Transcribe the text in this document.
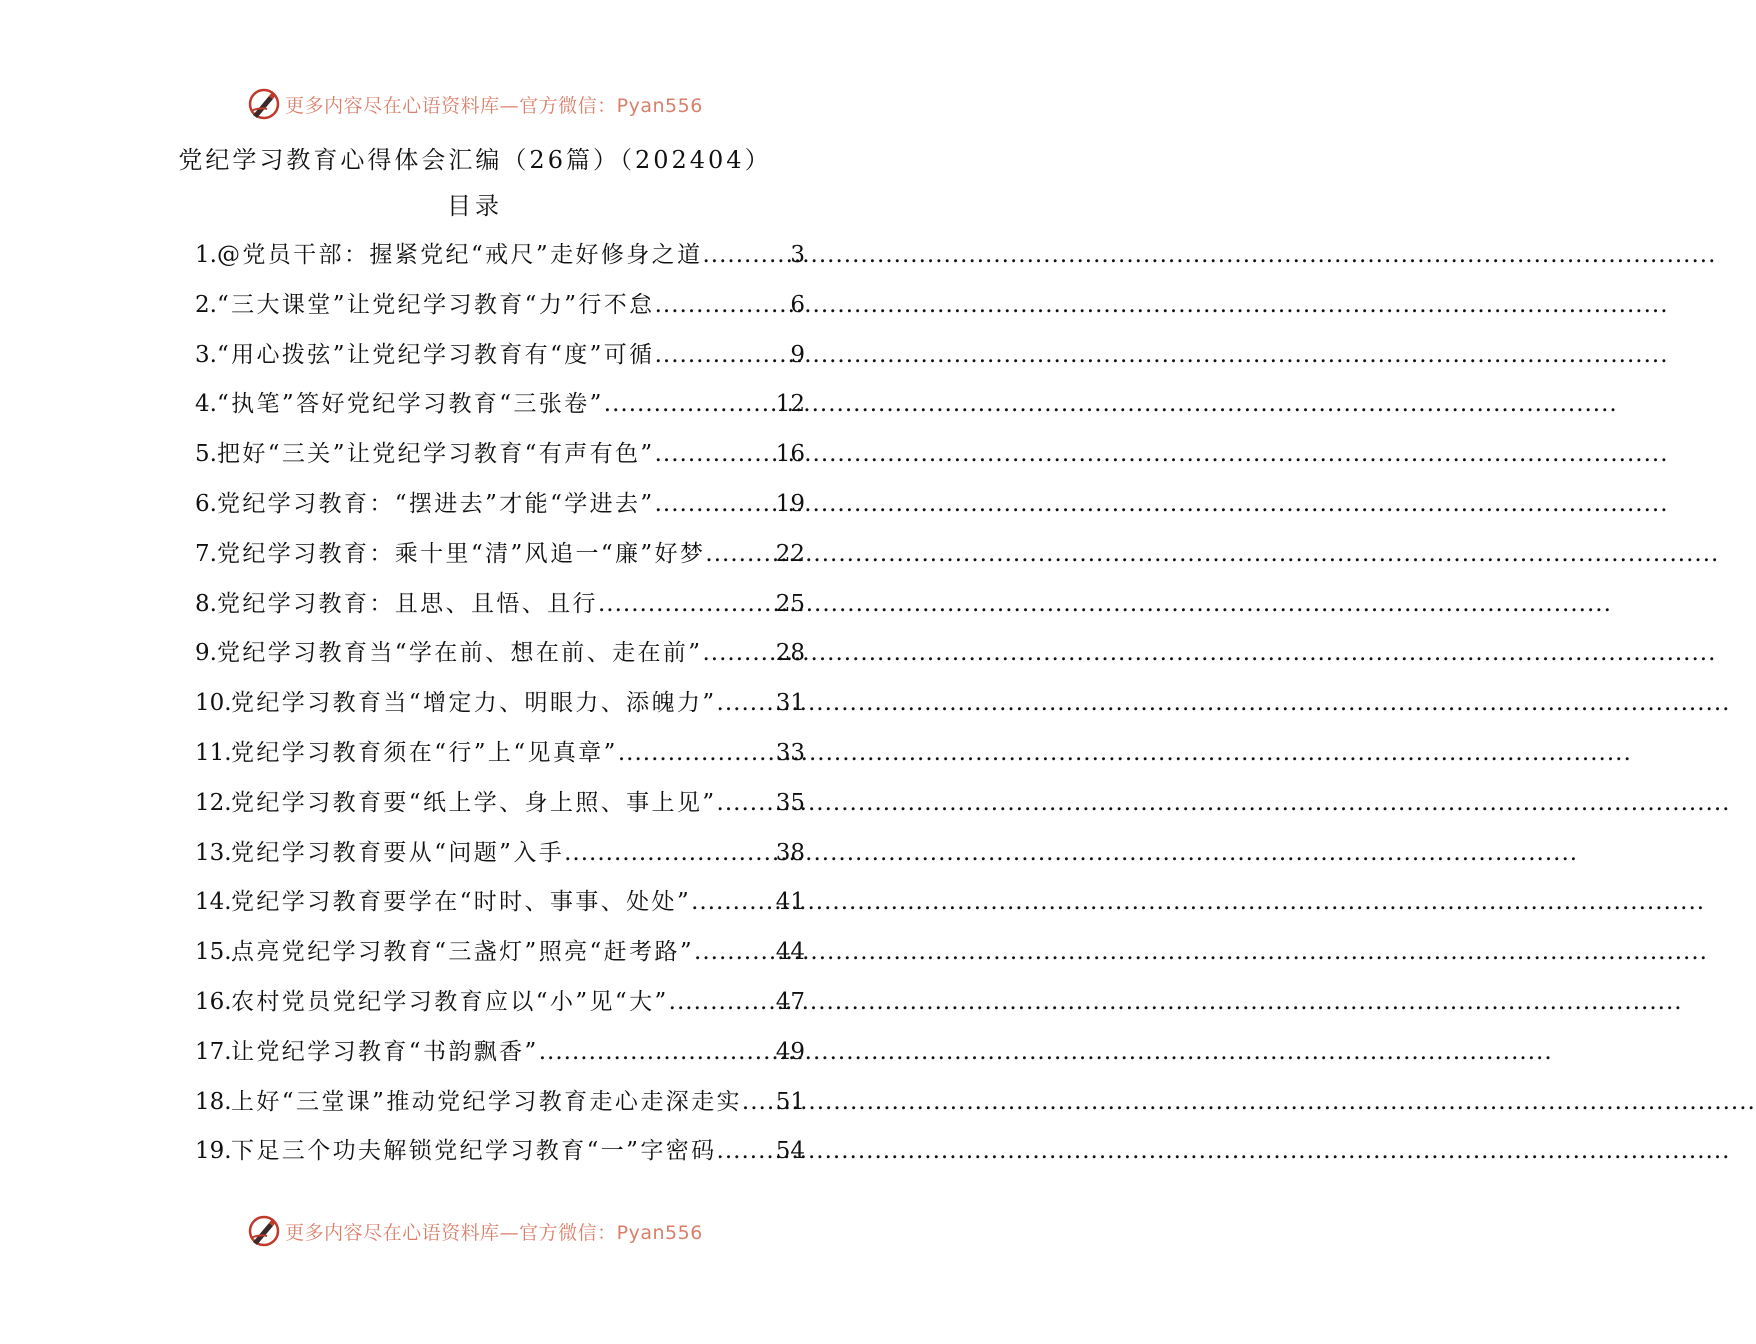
更多内容尽在心语资料库—官方微信：Pyan556
党纪学习教育心得体会汇编（26篇）（202404）
目录
1. @党员干部：握紧党纪“戒尺”走好修身之道 .....	3
2. “三大课堂”让党纪学习教育“力”行不怠 .....	6
3. “用心拨弦”让党纪学习教育有“度”可循 .....	9
4. “执笔”答好党纪学习教育“三张卷” .....	12
5. 把好“三关”让党纪学习教育“有声有色” .....	16
6. 党纪学习教育：“摆进去”才能“学进去” .....	19
7. 党纪学习教育：乘十里“清”风追一“廉”好梦 .....	22
8. 党纪学习教育：且思、且悟、且行 .....	25
9. 党纪学习教育当“学在前、想在前、走在前” .....	28
10. 党纪学习教育当“增定力、明眼力、添魄力” .....	31
11. 党纪学习教育须在“行”上“见真章” .....	33
12. 党纪学习教育要“纸上学、身上照、事上见” .....	35
13. 党纪学习教育要从“问题”入手 .....	38
14. 党纪学习教育要学在“时时、事事、处处” .....	41
15. 点亮党纪学习教育“三盏灯”照亮“赶考路” .....	44
16. 农村党员党纪学习教育应以“小”见“大” .....	47
17. 让党纪学习教育“书韵飘香” .....	49
18. 上好“三堂课”推动党纪学习教育走心走深走实 ..... 51
19. 下足三个功夫解锁党纪学习教育“一”字密码 .....	54
更多内容尽在心语资料库—官方微信：Pyan556
